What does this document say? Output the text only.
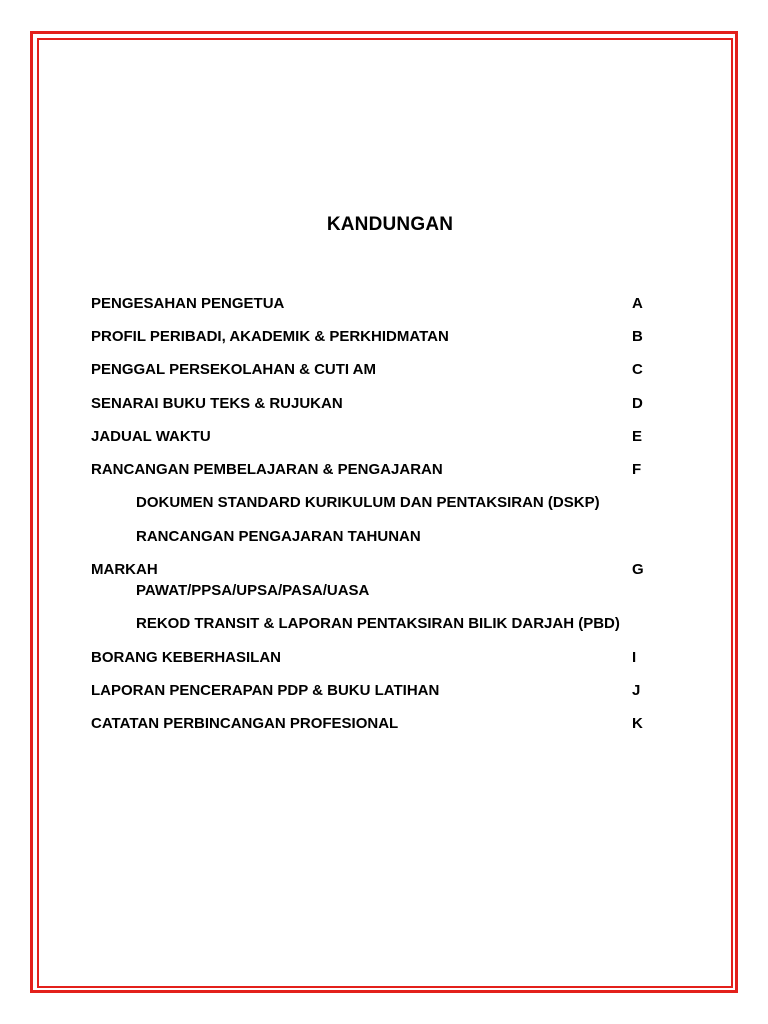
KANDUNGAN
PENGESAHAN PENGETUA	A
PROFIL PERIBADI, AKADEMIK & PERKHIDMATAN	B
PENGGAL PERSEKOLAHAN & CUTI AM	C
SENARAI BUKU TEKS & RUJUKAN	D
JADUAL WAKTU	E
RANCANGAN PEMBELAJARAN & PENGAJARAN	F
DOKUMEN STANDARD KURIKULUM DAN PENTAKSIRAN (DSKP)
RANCANGAN PENGAJARAN TAHUNAN
MARKAH	G
PAWAT/PPSA/UPSA/PASA/UASA
REKOD TRANSIT & LAPORAN PENTAKSIRAN BILIK DARJAH (PBD)
BORANG KEBERHASILAN	I
LAPORAN PENCERAPAN PDP & BUKU LATIHAN	J
CATATAN PERBINCANGAN PROFESIONAL	K
